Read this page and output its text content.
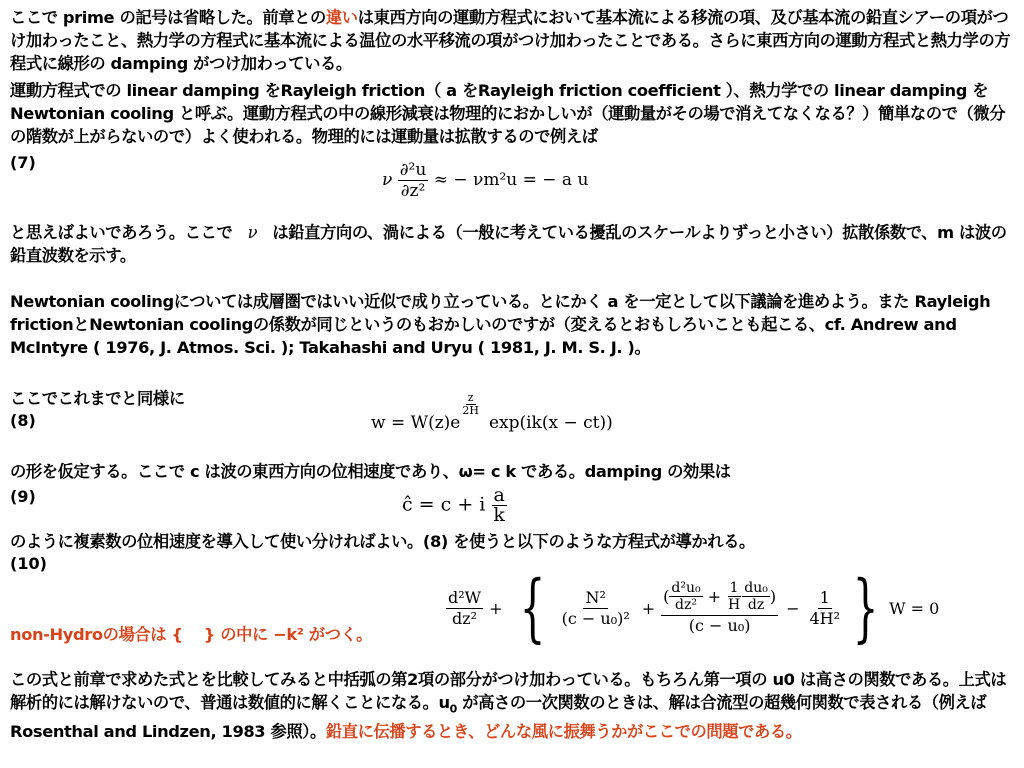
ここで prime の記号は省略した。前章との違いは東西方向の運動方程式において基本流による移流の項、及び基本流の鉛直シアーの項がつけ加わったこと、熱力学の方程式に基本流による温位の水平移流の項がつけ加わったことである。さらに東西方向の運動方程式と熱力学の方程式に線形の damping がつけ加わっている。
運動方程式での linear damping をRayleigh friction（ a をRayleigh friction coefficient ）、熱力学での linear damping を Newtonian cooling と呼ぶ。運動方程式の中の線形減衰は物理的におかしいが（運動量がその場で消えてなくなる？）簡単なので（微分の階数が上がらないので）よく使われる。物理的には運動量は拡散するので例えば
(7)
ν $\frac{\text{∂²u}}{\text{∂z²}}$ ≈ − νm²u = − a u
と思えばよいであろう。ここで ν は鉛直方向の、渦による（一般に考えている擾乱のスケールよりずっと小さい）拡散係数で、m は波の鉛直波数を示す。
Newtonian coolingについては成層圏ではいい近似で成り立っている。とにかく a を一定として以下議論を進めよう。また Rayleigh frictionとNewtonian coolingの係数が同じというのもおかしいのですが（変えるとおもしろいことも起こる、cf. Andrew and McIntyre ( 1976, J. Atmos. Sci. ); Takahashi and Uryu ( 1981, J. M. S. J. )。
ここでこれまでと同様に
(8)	w = W(z)e
$\frac{z}{2H}$
exp(ik(x − ct))
の形を仮定する。ここで c は波の東西方向の位相速度であり、ω= c k である。damping の効果は
(9)	ĉ = c + i $\frac{a}{k}$
のように複素数の位相速度を導入して使い分ければよい。(8) を使うと以下のような方程式が導かれる。
(10)
$\frac{\text{d²W}}{\text{dz²}}$ + { $\frac{\text{N²}}{\text{(c − u₀)²}}$ +
( $\frac{\text{d²u₀}}{\text{dz²}} + \frac{1}{H} \frac{\text{du₀}}{dz}$ )
(c − u₀)
− $\frac{1}{\text{4H²}}$ } W = 0
non-Hydroの場合は {　 } の中に −k² がつく。
この式と前章で求めた式とを比較してみると中括弧の第2項の部分がつけ加わっている。もちろん第一項の u0 は高さの関数である。上式は解析的には解けないので、普通は数値的に解くことになる。$u_0$ が高さの一次関数のときは、解は合流型の超幾何関数で表される（例えば Rosenthal and Lindzen, 1983 参照）。鉛直に伝播するとき、どんな風に振舞うかがここでの問題である。
